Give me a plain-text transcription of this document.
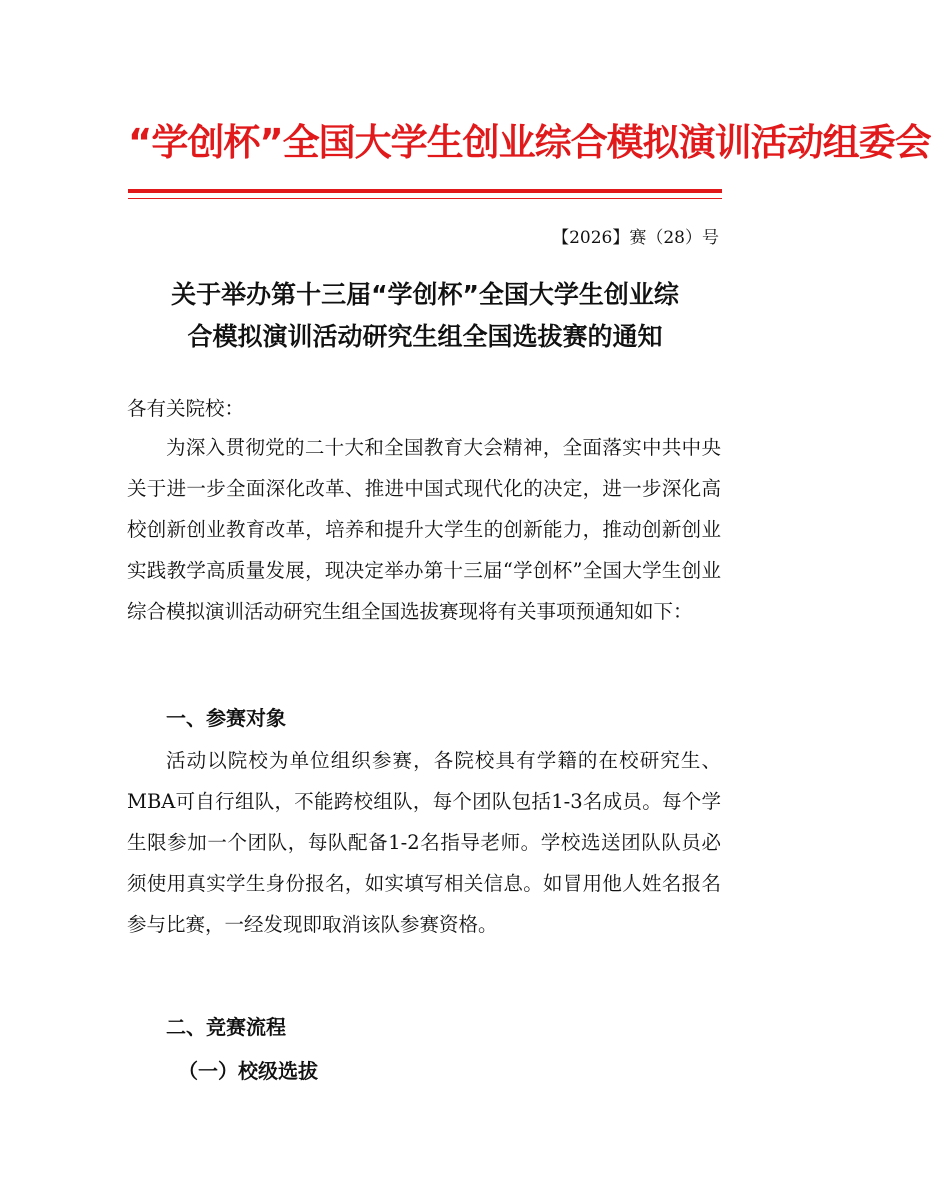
“学创杯”全国大学生创业综合模拟演训活动组委会
【2026】赛（28）号
关于举办第十三届“学创杯”全国大学生创业综
合模拟演训活动研究生组全国选拔赛的通知
各有关院校：

为深入贯彻党的二十大和全国教育大会精神，全面落实中共中央关于进一步全面深化改革、推进中国式现代化的决定，进一步深化高校创新创业教育改革，培养和提升大学生的创新能力，推动创新创业实践教学高质量发展，现决定举办第十三届“学创杯”全国大学生创业综合模拟演训活动研究生组全国选拔赛现将有关事项预通知如下：

一、参赛对象

活动以院校为单位组织参赛，各院校具有学籍的在校研究生、MBA可自行组队，不能跨校组队，每个团队包括1-3名成员。每个学生限参加一个团队，每队配备1-2名指导老师。学校选送团队队员必须使用真实学生身份报名，如实填写相关信息。如冒用他人姓名报名参与比赛，一经发现即取消该队参赛资格。

二、竞赛流程
（一）校级选拔
